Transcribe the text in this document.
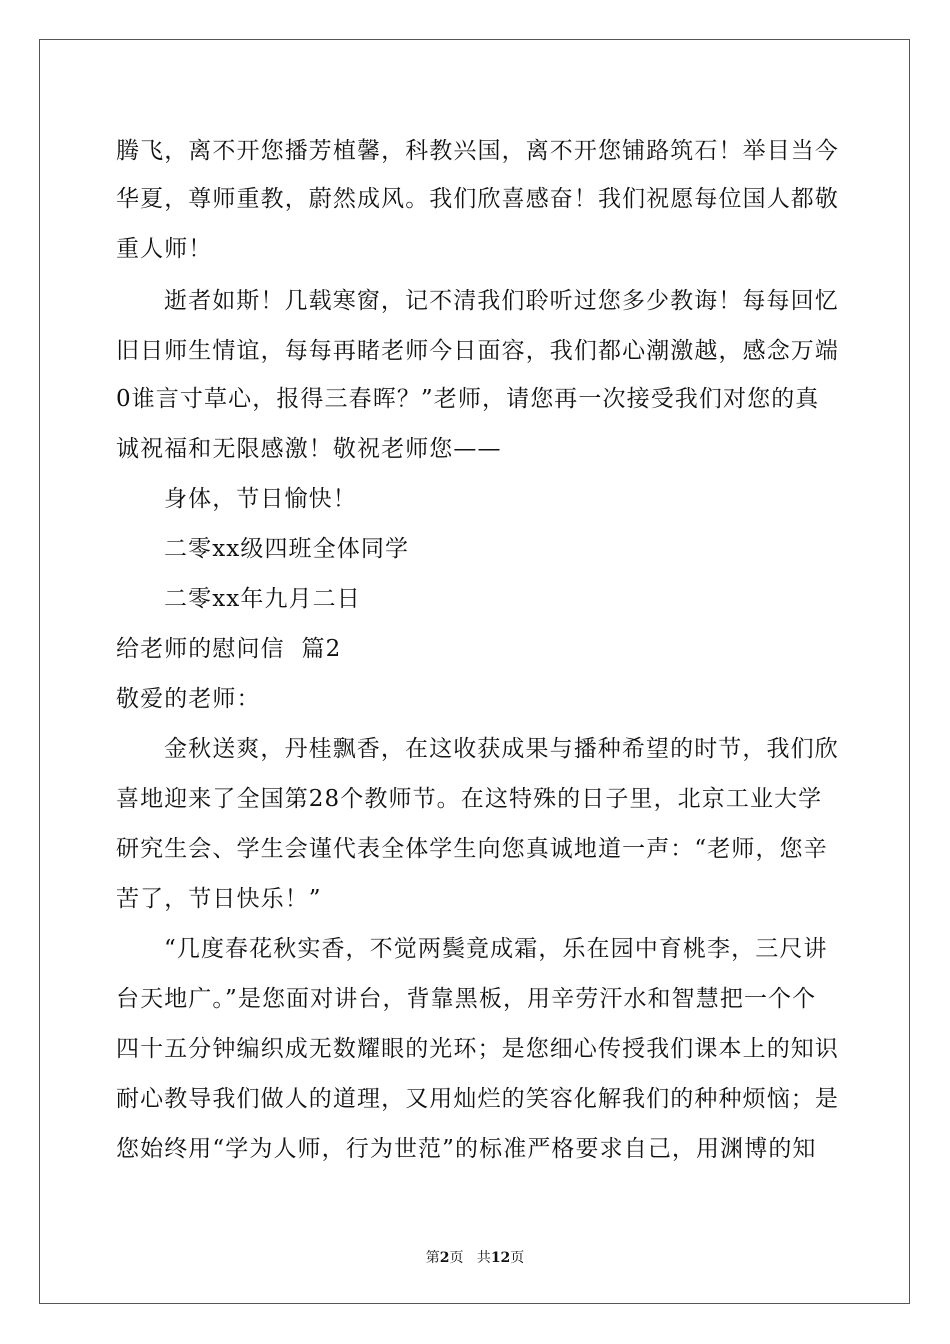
腾飞，离不开您播芳植馨，科教兴国，离不开您铺路筑石！举目当今
华夏，尊师重教，蔚然成风。我们欣喜感奋！我们祝愿每位国人都敬
重人师！
逝者如斯！几载寒窗，记不清我们聆听过您多少教诲！每每回忆
旧日师生情谊，每每再睹老师今日面容，我们都心潮激越，感念万端
0谁言寸草心，报得三春晖？”老师，请您再一次接受我们对您的真
诚祝福和无限感激！敬祝老师您——
身体，节日愉快！
二零xx级四班全体同学
二零xx年九月二日
给老师的慰问信  篇2
敬爱的老师：
金秋送爽，丹桂飘香，在这收获成果与播种希望的时节，我们欣
喜地迎来了全国第28个教师节。在这特殊的日子里，北京工业大学
研究生会、学生会谨代表全体学生向您真诚地道一声：“老师，您辛
苦了，节日快乐！”
“几度春花秋实香，不觉两鬓竟成霜，乐在园中育桃李，三尺讲
台天地广。”是您面对讲台，背靠黑板，用辛劳汗水和智慧把一个个
四十五分钟编织成无数耀眼的光环；是您细心传授我们课本上的知识
耐心教导我们做人的道理，又用灿烂的笑容化解我们的种种烦恼；是
您始终用“学为人师，行为世范”的标准严格要求自己，用渊博的知
第2页 共12页
